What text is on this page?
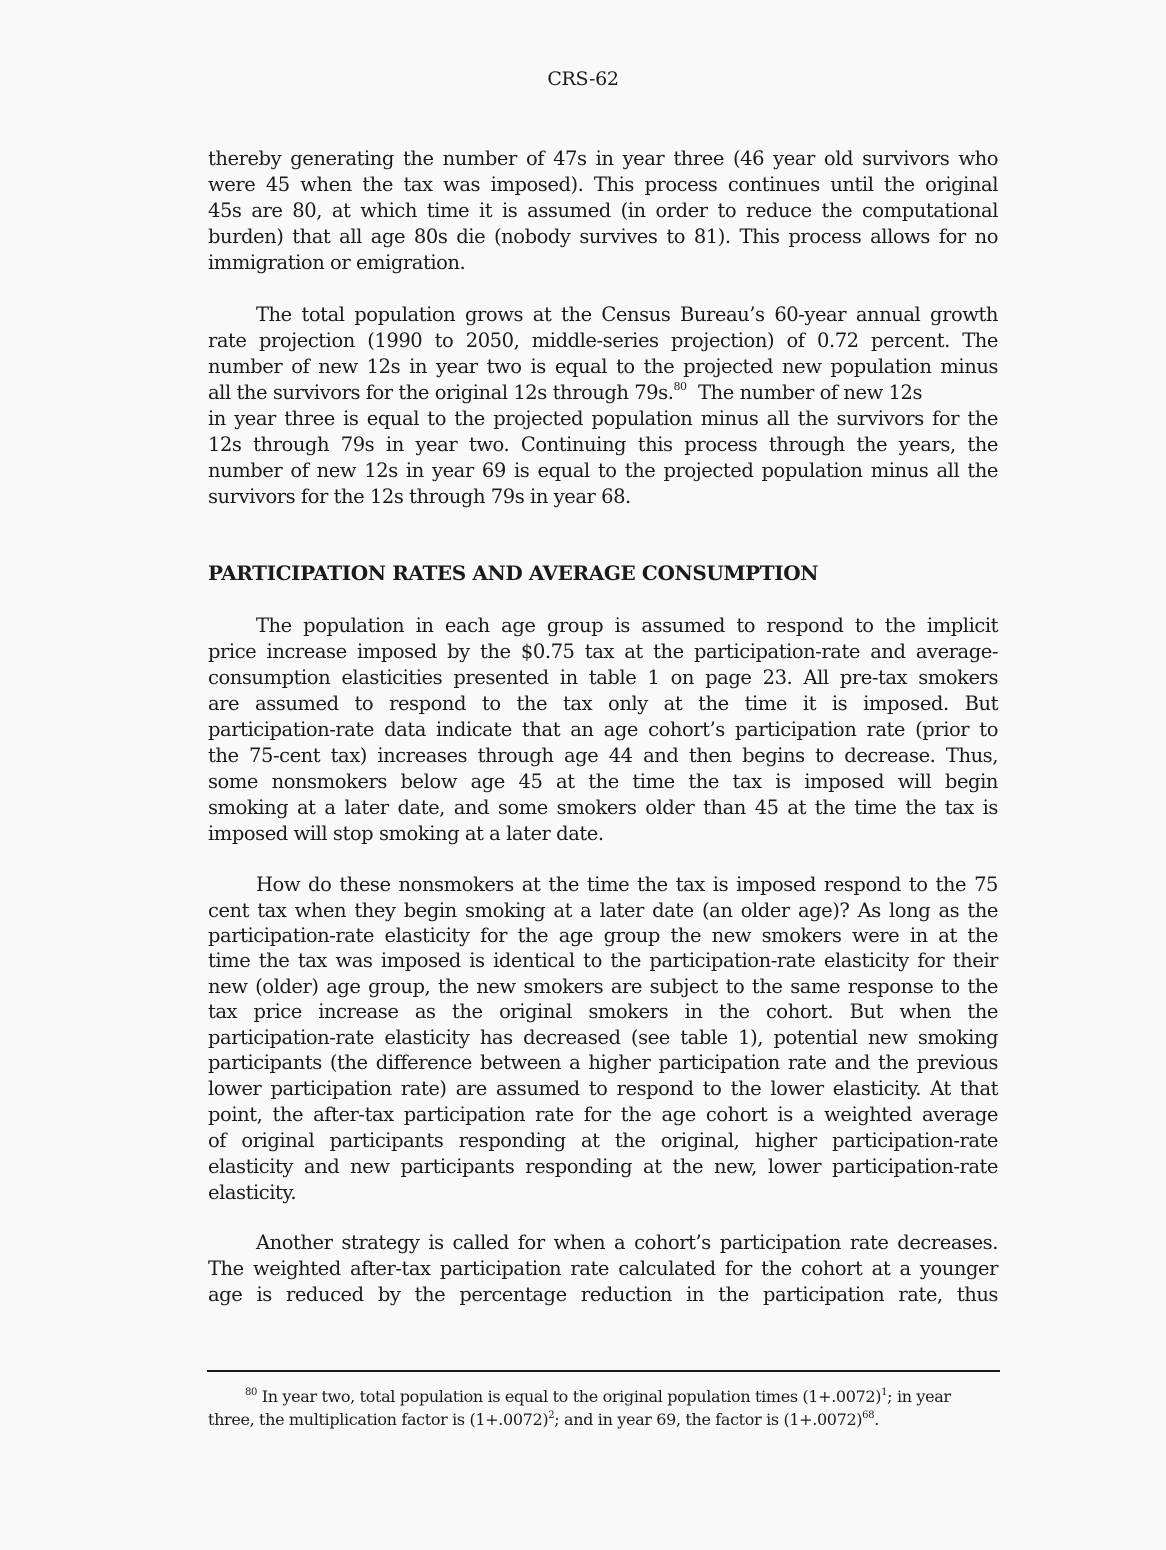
CRS-62
thereby generating the number of 47s in year three (46 year old survivors who
were 45 when the tax was imposed). This process continues until the original
45s are 80, at which time it is assumed (in order to reduce the computational
burden) that all age 80s die (nobody survives to 81). This process allows for no
immigration or emigration.
The total population grows at the Census Bureau’s 60-year annual growth
rate projection (1990 to 2050, middle-series projection) of 0.72 percent. The
number of new 12s in year two is equal to the projected new population minus
all the survivors for the original 12s through 79s.$^{80}$  The number of new 12s
in year three is equal to the projected population minus all the survivors for the
12s through 79s in year two. Continuing this process through the years, the
number of new 12s in year 69 is equal to the projected population minus all the
survivors for the 12s through 79s in year 68.
PARTICIPATION RATES AND AVERAGE CONSUMPTION
The population in each age group is assumed to respond to the implicit
price increase imposed by the $0.75 tax at the participation-rate and average-
consumption elasticities presented in table 1 on page 23. All pre-tax smokers
are assumed to respond to the tax only at the time it is imposed. But
participation-rate data indicate that an age cohort’s participation rate (prior to
the 75-cent tax) increases through age 44 and then begins to decrease. Thus,
some nonsmokers below age 45 at the time the tax is imposed will begin
smoking at a later date, and some smokers older than 45 at the time the tax is
imposed will stop smoking at a later date.
How do these nonsmokers at the time the tax is imposed respond to the 75
cent tax when they begin smoking at a later date (an older age)? As long as the
participation-rate elasticity for the age group the new smokers were in at the
time the tax was imposed is identical to the participation-rate elasticity for their
new (older) age group, the new smokers are subject to the same response to the
tax price increase as the original smokers in the cohort. But when the
participation-rate elasticity has decreased (see table 1), potential new smoking
participants (the difference between a higher participation rate and the previous
lower participation rate) are assumed to respond to the lower elasticity. At that
point, the after-tax participation rate for the age cohort is a weighted average
of original participants responding at the original, higher participation-rate
elasticity and new participants responding at the new, lower participation-rate
elasticity.
Another strategy is called for when a cohort’s participation rate decreases.
The weighted after-tax participation rate calculated for the cohort at a younger
age is reduced by the percentage reduction in the participation rate, thus
$^{80}$ In year two, total population is equal to the original population times $(1+.0072)^1$; in year
three, the multiplication factor is $(1+.0072)^2$; and in year 69, the factor is $(1+.0072)^{68}$.
